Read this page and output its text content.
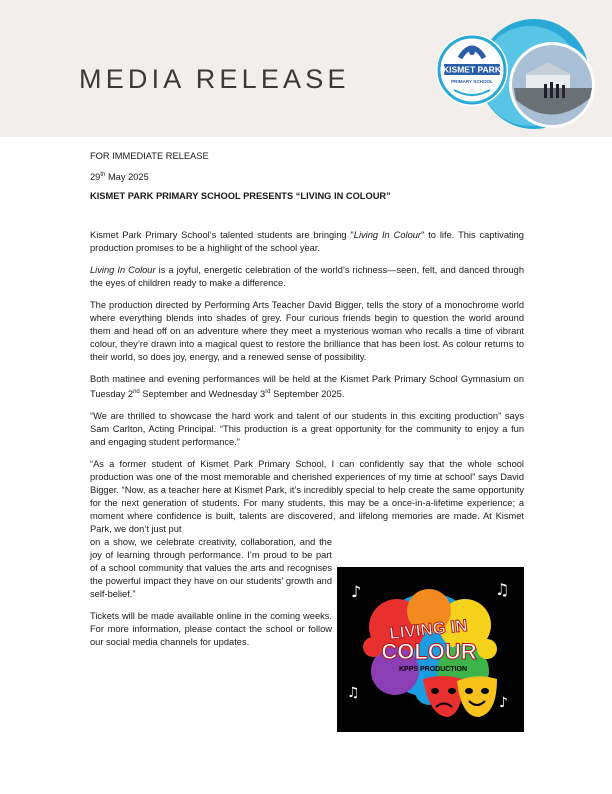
MEDIA RELEASE	KISMET PARK
PRIMARY SCHOOL

FOR IMMEDIATE RELEASE

29th May 2025

KISMET PARK PRIMARY SCHOOL PRESENTS “LIVING IN COLOUR”

Kismet Park Primary School’s talented students are bringing "Living In Colour" to life. This captivating production promises to be a highlight of the school year.

Living In Colour is a joyful, energetic celebration of the world’s richness—seen, felt, and danced through the eyes of children ready to make a difference.

The production directed by Performing Arts Teacher David Bigger, tells the story of a monochrome world where everything blends into shades of grey. Four curious friends begin to question the world around them and head off on an adventure where they meet a mysterious woman who recalls a time of vibrant colour, they’re drawn into a magical quest to restore the brilliance that has been lost. As colour returns to their world, so does joy, energy, and a renewed sense of possibility.

Both matinee and evening performances will be held at the Kismet Park Primary School Gymnasium on Tuesday 2nd September and Wednesday 3rd September 2025.

“We are thrilled to showcase the hard work and talent of our students in this exciting production” says Sam Carlton, Acting Principal. “This production is a great opportunity for the community to enjoy a fun and engaging student performance.”

“As a former student of Kismet Park Primary School, I can confidently say that the whole school production was one of the most memorable and cherished experiences of my time at school” says David Bigger. “Now, as a teacher here at Kismet Park, it’s incredibly special to help create the same opportunity for the next generation of students. For many students, this may be a once-in-a-lifetime experience; a moment where confidence is built, talents are discovered, and lifelong memories are made. At Kismet Park, we don’t just put

on a show, we celebrate creativity, collaboration, and the joy of learning through performance. I’m proud to be part of a school community that values the arts and recognises the powerful impact they have on our students’ growth and self-belief.”

Tickets will be made available online in the coming weeks. For more information, please contact the school or follow our social media channels for updates.

♪	♫
♫
♪
LIVING IN
COLOUR
KPPS PRODUCTION
